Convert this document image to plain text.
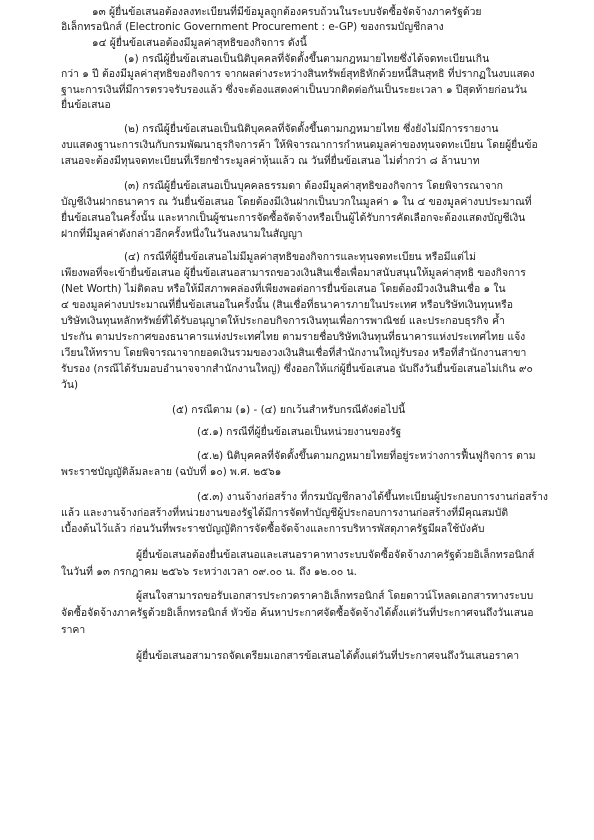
๑๓ ผู้ยื่นข้อเสนอต้องลงทะเบียนที่มีข้อมูลถูกต้องครบถ้วนในระบบจัดซื้อจัดจ้างภาครัฐด้วย
อิเล็กทรอนิกส์ (Electronic Government Procurement : e-GP) ของกรมบัญชีกลาง
๑๔ ผู้ยื่นข้อเสนอต้องมีมูลค่าสุทธิของกิจการ ดังนี้
(๑) กรณีผู้ยื่นข้อเสนอเป็นนิติบุคคลที่จัดตั้งขึ้นตามกฎหมายไทยซึ่งได้จดทะเบียนเกิน
กว่า ๑ ปี ต้องมีมูลค่าสุทธิของกิจการ จากผลต่างระหว่างสินทรัพย์สุทธิหักด้วยหนี้สินสุทธิ ที่ปรากฏในงบแสดง
ฐานะการเงินที่มีการตรวจรับรองแล้ว ซึ่งจะต้องแสดงค่าเป็นบวกติดต่อกันเป็นระยะเวลา ๑ ปีสุดท้ายก่อนวัน
ยื่นข้อเสนอ
(๒) กรณีผู้ยื่นข้อเสนอเป็นนิติบุคคลที่จัดตั้งขึ้นตามกฎหมายไทย ซึ่งยังไม่มีการรายงาน
งบแสดงฐานะการเงินกับกรมพัฒนาธุรกิจการค้า ให้พิจารณาการกำหนดมูลค่าของทุนจดทะเบียน โดยผู้ยื่นข้อ
เสนอจะต้องมีทุนจดทะเบียนที่เรียกชำระมูลค่าหุ้นแล้ว ณ วันที่ยื่นข้อเสนอ ไม่ต่ำกว่า ๘ ล้านบาท
(๓) กรณีผู้ยื่นข้อเสนอเป็นบุคคลธรรมดา ต้องมีมูลค่าสุทธิของกิจการ โดยพิจารณาจาก
บัญชีเงินฝากธนาคาร ณ วันยื่นข้อเสนอ โดยต้องมีเงินฝากเป็นบวกในมูลค่า ๑ ใน ๔ ของมูลค่างบประมาณที่
ยื่นข้อเสนอในครั้งนั้น และหากเป็นผู้ชนะการจัดซื้อจัดจ้างหรือเป็นผู้ได้รับการคัดเลือกจะต้องแสดงบัญชีเงิน
ฝากที่มีมูลค่าดังกล่าวอีกครั้งหนึ่งในวันลงนามในสัญญา
(๔) กรณีที่ผู้ยื่นข้อเสนอไม่มีมูลค่าสุทธิของกิจการและทุนจดทะเบียน หรือมีแต่ไม่
เพียงพอที่จะเข้ายื่นข้อเสนอ ผู้ยื่นข้อเสนอสามารถขอวงเงินสินเชื่อเพื่อมาสนับสนุนให้มูลค่าสุทธิ ของกิจการ
(Net Worth) ไม่ติดลบ หรือให้มีสภาพคล่องที่เพียงพอต่อการยื่นข้อเสนอ โดยต้องมีวงเงินสินเชื่อ ๑ ใน
๔ ของมูลค่างบประมาณที่ยื่นข้อเสนอในครั้งนั้น (สินเชื่อที่ธนาคารภายในประเทศ หรือบริษัทเงินทุนหรือ
บริษัทเงินทุนหลักทรัพย์ที่ได้รับอนุญาตให้ประกอบกิจการเงินทุนเพื่อการพาณิชย์ และประกอบธุรกิจ ค้ำ
ประกัน ตามประกาศของธนาคารแห่งประเทศไทย ตามรายชื่อบริษัทเงินทุนที่ธนาคารแห่งประเทศไทย แจ้ง
เวียนให้ทราบ โดยพิจารณาจากยอดเงินรวมของวงเงินสินเชื่อที่สำนักงานใหญ่รับรอง หรือที่สำนักงานสาขา
รับรอง (กรณีได้รับมอบอำนาจจากสำนักงานใหญ่) ซึ่งออกให้แก่ผู้ยื่นข้อเสนอ นับถึงวันยื่นข้อเสนอไม่เกิน ๙๐
วัน)
(๕) กรณีตาม (๑) - (๔) ยกเว้นสำหรับกรณีดังต่อไปนี้
(๕.๑) กรณีที่ผู้ยื่นข้อเสนอเป็นหน่วยงานของรัฐ
(๕.๒) นิติบุคคลที่จัดตั้งขึ้นตามกฎหมายไทยที่อยู่ระหว่างการฟื้นฟูกิจการ ตาม
พระราชบัญญัติล้มละลาย (ฉบับที่ ๑๐) พ.ศ. ๒๕๖๑
(๕.๓) งานจ้างก่อสร้าง ที่กรมบัญชีกลางได้ขึ้นทะเบียนผู้ประกอบการงานก่อสร้าง
แล้ว และงานจ้างก่อสร้างที่หน่วยงานของรัฐได้มีการจัดทำบัญชีผู้ประกอบการงานก่อสร้างที่มีคุณสมบัติ
เบื้องต้นไว้แล้ว ก่อนวันที่พระราชบัญญัติการจัดซื้อจัดจ้างและการบริหารพัสดุภาครัฐมีผลใช้บังคับ
ผู้ยื่นข้อเสนอต้องยื่นข้อเสนอและเสนอราคาทางระบบจัดซื้อจัดจ้างภาครัฐด้วยอิเล็กทรอนิกส์
ในวันที่ ๑๓ กรกฎาคม ๒๕๖๖ ระหว่างเวลา ๐๙.๐๐ น. ถึง ๑๒.๐๐ น.
ผู้สนใจสามารถขอรับเอกสารประกวดราคาอิเล็กทรอนิกส์ โดยดาวน์โหลดเอกสารทางระบบ
จัดซื้อจัดจ้างภาครัฐด้วยอิเล็กทรอนิกส์ หัวข้อ ค้นหาประกาศจัดซื้อจัดจ้างได้ตั้งแต่วันที่ประกาศจนถึงวันเสนอ
ราคา
ผู้ยื่นข้อเสนอสามารถจัดเตรียมเอกสารข้อเสนอได้ตั้งแต่วันที่ประกาศจนถึงวันเสนอราคา
